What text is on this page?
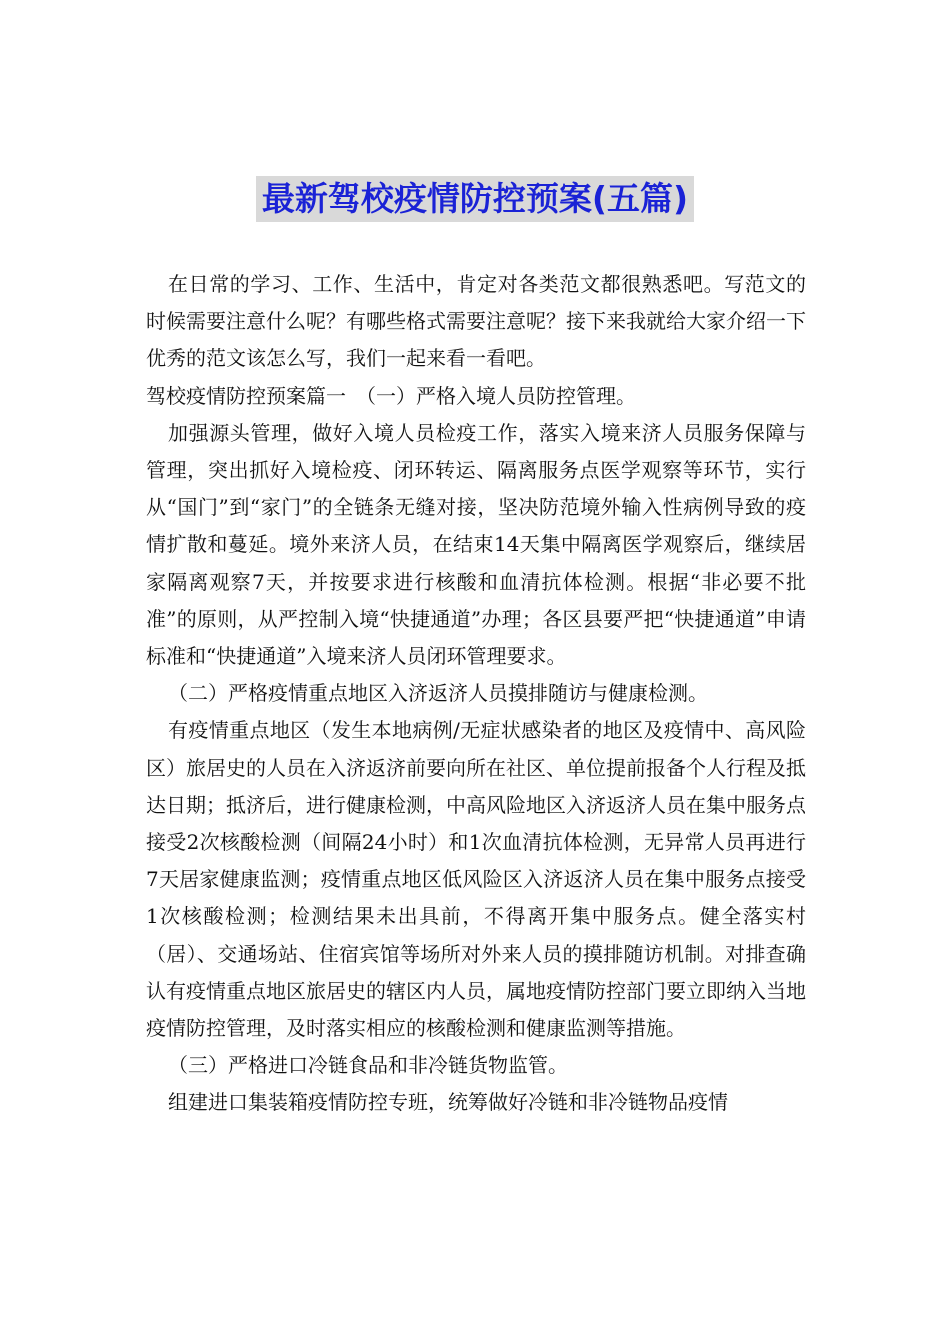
最新驾校疫情防控预案(五篇)

在日常的学习、工作、生活中，肯定对各类范文都很熟悉吧。写范文的时候需要注意什么呢？有哪些格式需要注意呢？接下来我就给大家介绍一下优秀的范文该怎么写，我们一起来看一看吧。

驾校疫情防控预案篇一　（一）严格入境人员防控管理。

加强源头管理，做好入境人员检疫工作，落实入境来济人员服务保障与管理，突出抓好入境检疫、闭环转运、隔离服务点医学观察等环节，实行从“国门”到“家门”的全链条无缝对接，坚决防范境外输入性病例导致的疫情扩散和蔓延。境外来济人员，在结束14天集中隔离医学观察后，继续居家隔离观察7天，并按要求进行核酸和血清抗体检测。根据“非必要不批准”的原则，从严控制入境“快捷通道”办理；各区县要严把“快捷通道”申请标准和“快捷通道”入境来济人员闭环管理要求。

（二）严格疫情重点地区入济返济人员摸排随访与健康检测。

有疫情重点地区（发生本地病例/无症状感染者的地区及疫情中、高风险区）旅居史的人员在入济返济前要向所在社区、单位提前报备个人行程及抵达日期；抵济后，进行健康检测，中高风险地区入济返济人员在集中服务点接受2次核酸检测（间隔24小时）和1次血清抗体检测，无异常人员再进行7天居家健康监测；疫情重点地区低风险区入济返济人员在集中服务点接受1次核酸检测；检测结果未出具前，不得离开集中服务点。健全落实村（居）、交通场站、住宿宾馆等场所对外来人员的摸排随访机制。对排查确认有疫情重点地区旅居史的辖区内人员，属地疫情防控部门要立即纳入当地疫情防控管理，及时落实相应的核酸检测和健康监测等措施。

（三）严格进口冷链食品和非冷链货物监管。

组建进口集装箱疫情防控专班，统筹做好冷链和非冷链物品疫情
